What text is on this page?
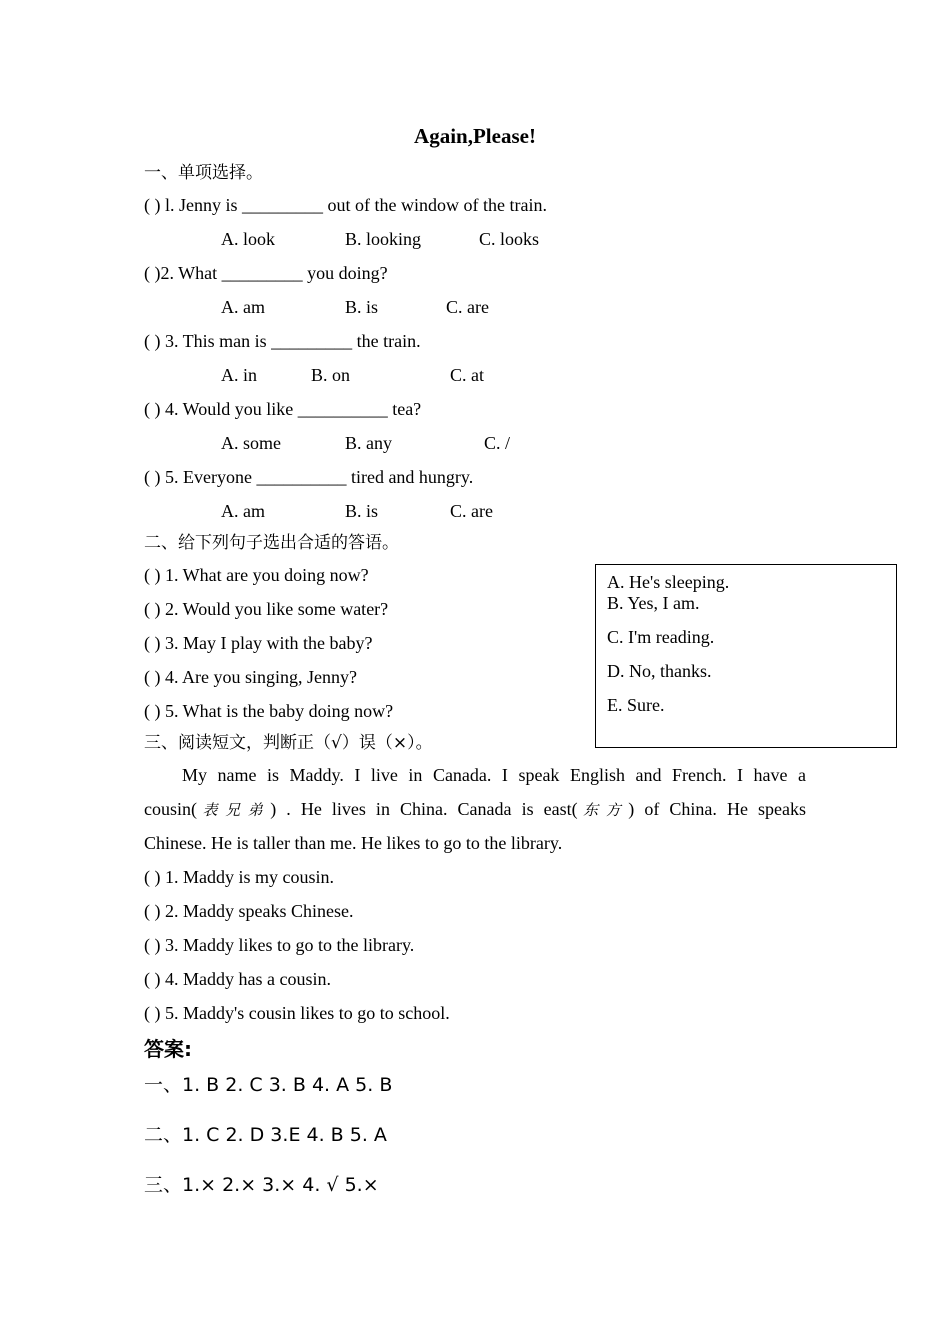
Again,Please!
一、单项选择。
( ) l. Jenny is _________ out of the window of the train.
A. look	B. looking	C. looks
( )2. What _________ you doing?
A. am	B. is	C. are
( ) 3. This man is _________ the train.
A. in	B. on	C. at
( ) 4. Would you like __________ tea?
A. some	B. any	C. /
( ) 5. Everyone __________ tired and hungry.
A. am	B. is	C. are
二、给下列句子选出合适的答语。
( ) 1. What are you doing now?
( ) 2. Would you like some water?
( ) 3. May I play with the baby?
( ) 4. Are you singing, Jenny?
( ) 5. What is the baby doing now?
A. He's sleeping.
B. Yes, I am.
C. I'm reading.
D. No, thanks.
E. Sure.
三、阅读短文，判断正（√）误（×）。
My name is Maddy. I live in Canada. I speak English and French. I have a
cousin(表兄弟) . He lives in China. Canada is east(东方) of China. He speaks
Chinese. He is taller than me. He likes to go to the library.
( ) 1. Maddy is my cousin.
( ) 2. Maddy speaks Chinese.
( ) 3. Maddy likes to go to the library.
( ) 4. Maddy has a cousin.
( ) 5. Maddy's cousin likes to go to school.
答案:
一、1. B 2. C 3. B 4. A 5. B
二、1. C 2. D 3.E 4. B 5. A
三、1.× 2.× 3.× 4. √ 5.×
